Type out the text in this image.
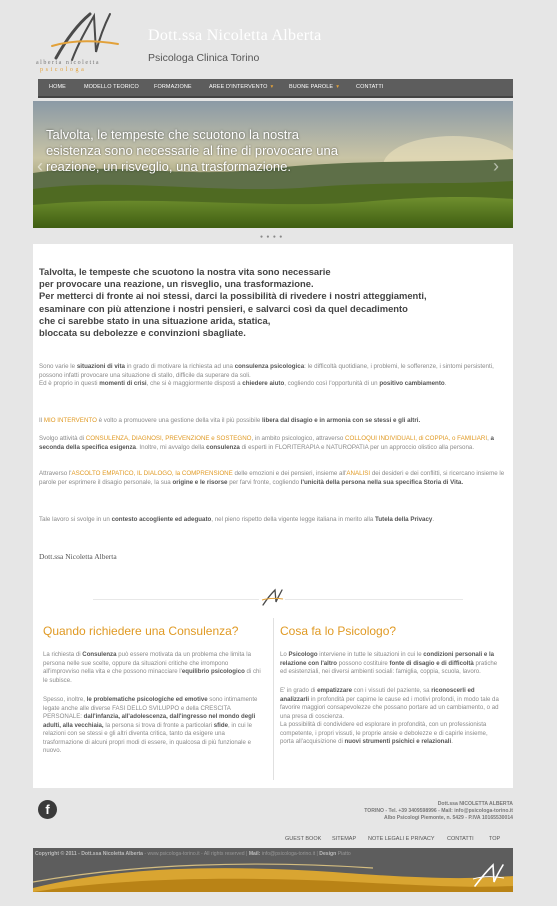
alberta nicoletta
psicologa
Dott.ssa Nicoletta Alberta
Psicologa Clinica Torino
HOME	MODELLO TEORICO	FORMAZIONE	AREE D'INTERVENTO ▾	BUONE PAROLE ▾	CONTATTI
Talvolta, le tempeste che scuotono la nostra esistenza sono necessarie al fine di provocare una reazione, un risveglio, una trasformazione.
‹	›
● ● ● ●
Talvolta, le tempeste che scuotono la nostra vita sono necessarie
per provocare una reazione, un risveglio, una trasformazione.
Per metterci di fronte ai noi stessi, darci la possibilità di rivedere i nostri atteggiamenti,
esaminare con più attenzione i nostri pensieri, e salvarci così da quel decadimento
che ci sarebbe stato in una situazione arida, statica,
bloccata su debolezze e convinzioni sbagliate.

Sono varie le situazioni di vita in grado di motivare la richiesta ad una consulenza psicologica: le difficoltà quotidiane, i problemi, le sofferenze, i sintomi persistenti, possono infatti provocare una situazione di stallo, difficile da superare da soli.
Ed è proprio in questi momenti di crisi, che si è maggiormente disposti a chiedere aiuto, cogliendo così l'opportunità di un positivo cambiamento.

Il MIO INTERVENTO è volto a promuovere una gestione della vita il più possibile libera dal disagio e in armonia con se stessi e gli altri.

Svolgo attività di CONSULENZA, DIAGNOSI, PREVENZIONE e SOSTEGNO, in ambito psicologico, attraverso COLLOQUI INDIVIDUALI, di COPPIA, o FAMILIARI, a seconda della specifica esigenza. Inoltre, mi avvalgo della consulenza di esperti in FLORITERAPIA e NATUROPATIA per un approccio olistico alla persona.

Attraverso l'ASCOLTO EMPATICO, IL DIALOGO, la COMPRENSIONE delle emozioni e dei pensieri, insieme all'ANALISI dei desideri e dei conflitti, si ricercano insieme le parole per esprimere il disagio personale, la sua origine e le risorse per farvi fronte, cogliendo l'unicità della persona nella sua specifica Storia di Vita.

Tale lavoro si svolge in un contesto accogliente ed adeguato, nel pieno rispetto della vigente legge italiana in merito alla Tutela della Privacy.

Dott.ssa Nicoletta Alberta
Quando richiedere una Consulenza?

La richiesta di Consulenza può essere motivata da un problema che limita la persona nelle sue scelte, oppure da situazioni critiche che irrompono all'improvviso nella vita e che possono minacciare l'equilibrio psicologico di chi le subisce.

Spesso, inoltre, le problematiche psicologiche ed emotive sono intimamente legate anche alle diverse FASI DELLO SVILUPPO e della CRESCITA PERSONALE: dall'infanzia, all'adolescenza, dall'ingresso nel mondo degli adulti, alla vecchiaia, la persona si trova di fronte a particolari sfide, in cui le relazioni con se stessi e gli altri diventa critica, tanto da esigere una trasformazione di alcuni propri modi di essere, in qualcosa di più funzionale e nuovo.

Cosa fa lo Psicologo?

Lo Psicologo interviene in tutte le situazioni in cui le condizioni personali e la relazione con l'altro possono costituire fonte di disagio e di difficoltà pratiche ed esistenziali, nei diversi ambienti sociali: famiglia, coppia, scuola, lavoro.

E' in grado di empatizzare con i vissuti del paziente, sa riconoscerli ed analizzarli in profondità per capirne le cause ed i motivi profondi, in modo tale da favorire maggiori consapevolezze che possano portare ad un cambiamento, o ad una presa di coscienza.
La possibilità di condividere ed esplorare in profondità, con un professionista competente, i propri vissuti, le proprie ansie e debolezze e di capirle insieme, porta all'acquisizione di nuovi strumenti psichici e relazionali.

f	Dott.ssa NICOLETTA ALBERTA
TORINO - Tel. +39 3409598996 - Mail: info@psicologa-torino.it
Albo Psicologi Piemonte, n. 5429 - P.IVA 10165530014
GUEST BOOK SITEMAP NOTE LEGALI E PRIVACY CONTATTI	TOP
Copyright © 2011 - Dott.ssa Nicoletta Alberta - www.psicologa-torino.it - All rights reserved | Mail: info@psicologa-torino.it | Design Piatto
